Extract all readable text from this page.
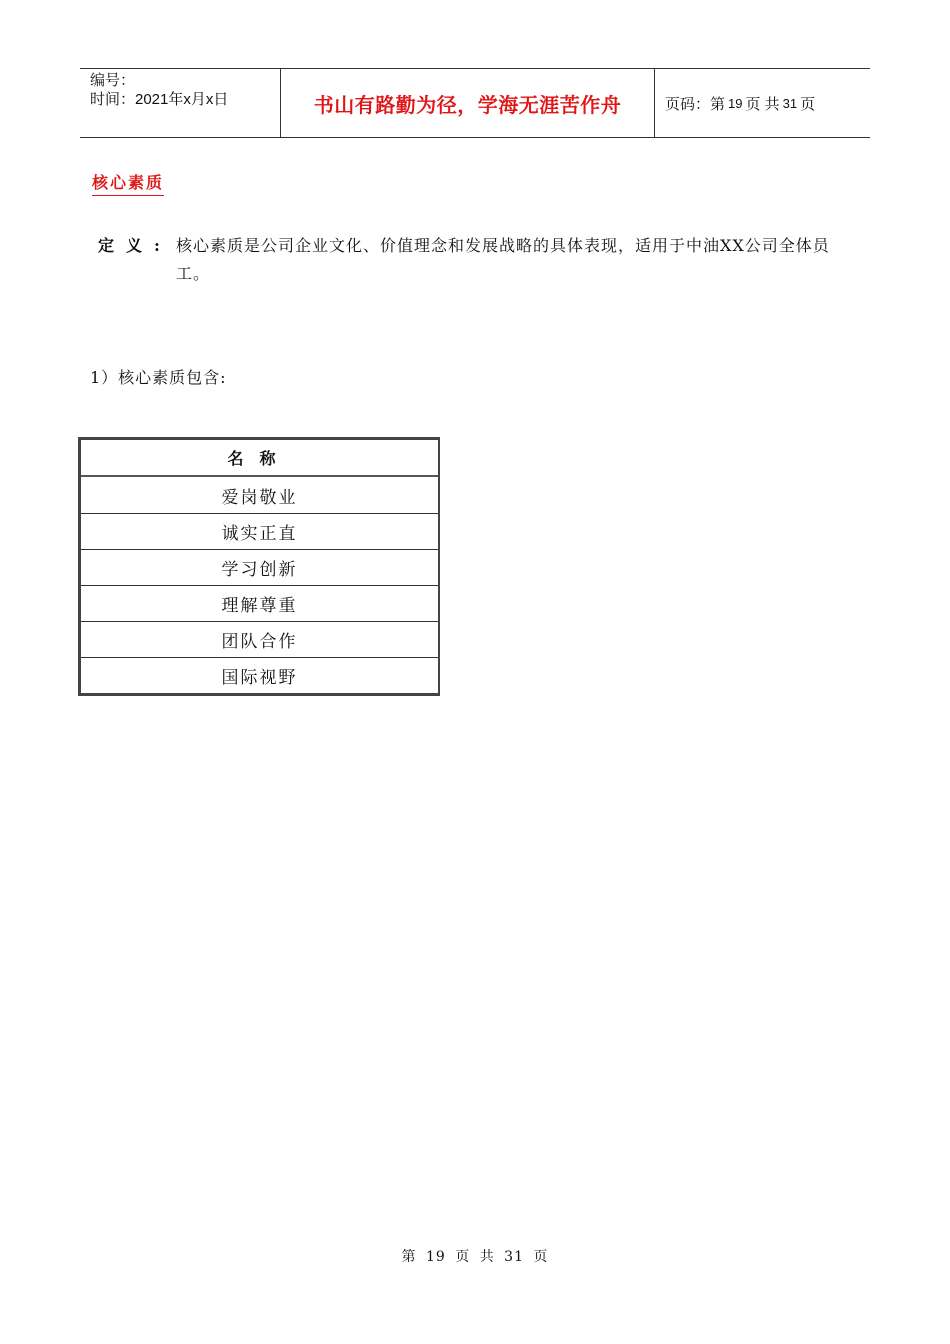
编号：
时间：2021年x月x日	书山有路勤为径，学海无涯苦作舟	页码：第 19 页 共 31 页
核心素质
定义: 核心素质是公司企业文化、价值理念和发展战略的具体表现，适用于中油XX公司全体员工。
1）核心素质包含:
名称
爱岗敬业
诚实正直
学习创新
理解尊重
团队合作
国际视野
第 19 页 共 31 页
